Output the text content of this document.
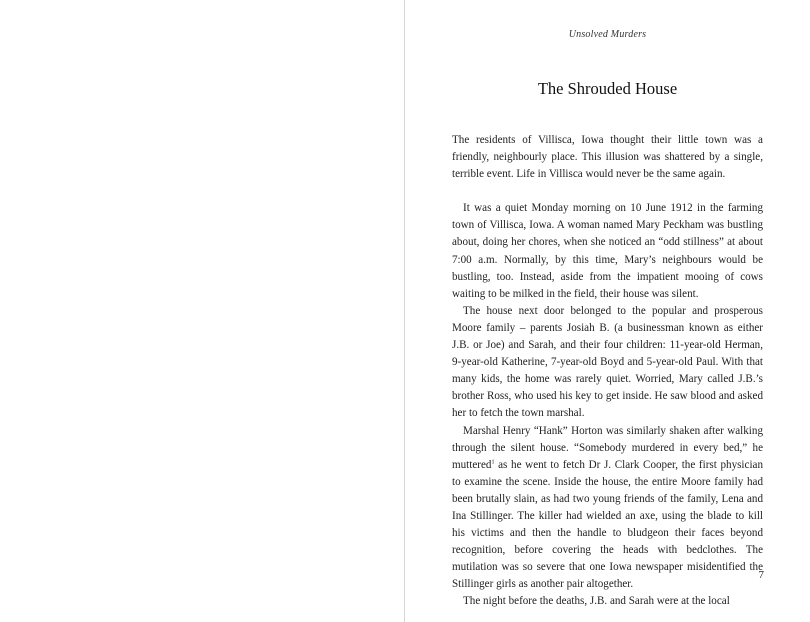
Unsolved Murders
The Shrouded House

The residents of Villisca, Iowa thought their little town was a friendly, neighbourly place. This illusion was shattered by a single, terrible event. Life in Villisca would never be the same again.

It was a quiet Monday morning on 10 June 1912 in the farming town of Villisca, Iowa. A woman named Mary Peckham was bustling about, doing her chores, when she noticed an “odd stillness” at about 7:00 a.m. Normally, by this time, Mary’s neighbours would be bustling, too. Instead, aside from the impatient mooing of cows waiting to be milked in the field, their house was silent.

The house next door belonged to the popular and prosperous Moore family – parents Josiah B. (a businessman known as either J.B. or Joe) and Sarah, and their four children: 11-year-old Herman, 9-year-old Katherine, 7-year-old Boyd and 5-year-old Paul. With that many kids, the home was rarely quiet. Worried, Mary called J.B.’s brother Ross, who used his key to get inside. He saw blood and asked her to fetch the town marshal.

Marshal Henry “Hank” Horton was similarly shaken after walking through the silent house. “Somebody murdered in every bed,” he muttered$^1$ as he went to fetch Dr J. Clark Cooper, the first physician to examine the scene. Inside the house, the entire Moore family had been brutally slain, as had two young friends of the family, Lena and Ina Stillinger. The killer had wielded an axe, using the blade to kill his victims and then the handle to bludgeon their faces beyond recognition, before covering the heads with bedclothes. The mutilation was so severe that one Iowa newspaper misidentified the Stillinger girls as another pair altogether.

The night before the deaths, J.B. and Sarah were at the local

7
